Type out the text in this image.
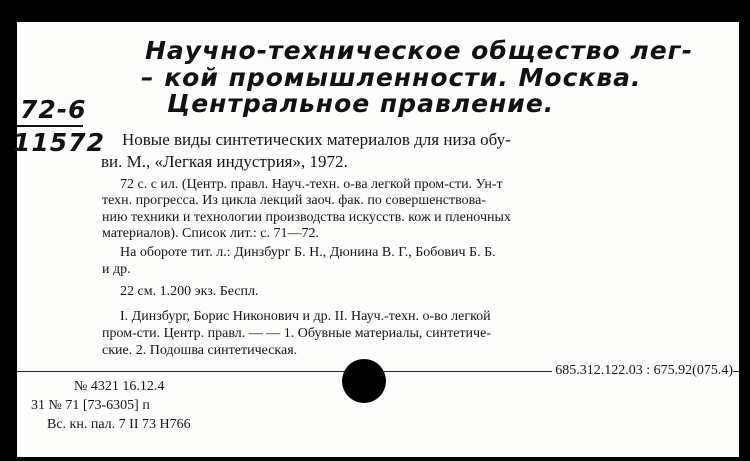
Научно-техническое общество лег-
– кой промышленности. Москва.
Центральное правление.
72-6
11572 Новые виды синтетических материалов для низа обу-
ви. М., «Легкая индустрия», 1972.
72 с. с ил. (Центр. правл. Науч.-техн. о-ва легкой пром-сти. Ун-т
техн. прогресса. Из цикла лекций заоч. фак. по совершенствова-
нию техники и технологии производства искусств. кож и пленочных
материалов). Список лит.: с. 71—72.
На обороте тит. л.: Динзбург Б. Н., Дюнина В. Г., Бобович Б. Б.
и др.
22 см. 1.200 экз. Беспл.
I. Динзбург, Борис Никонович и др. II. Науч.-техн. о-во легкой
пром-сти. Центр. правл. — — 1. Обувные материалы, синтетиче-
ские. 2. Подошва синтетическая.
685.312.122.03 : 675.92(075.4)
№ 4321 16.12.4
31 № 71 [73-6305] п
Вс. кн. пал. 7 II 73 Н766
